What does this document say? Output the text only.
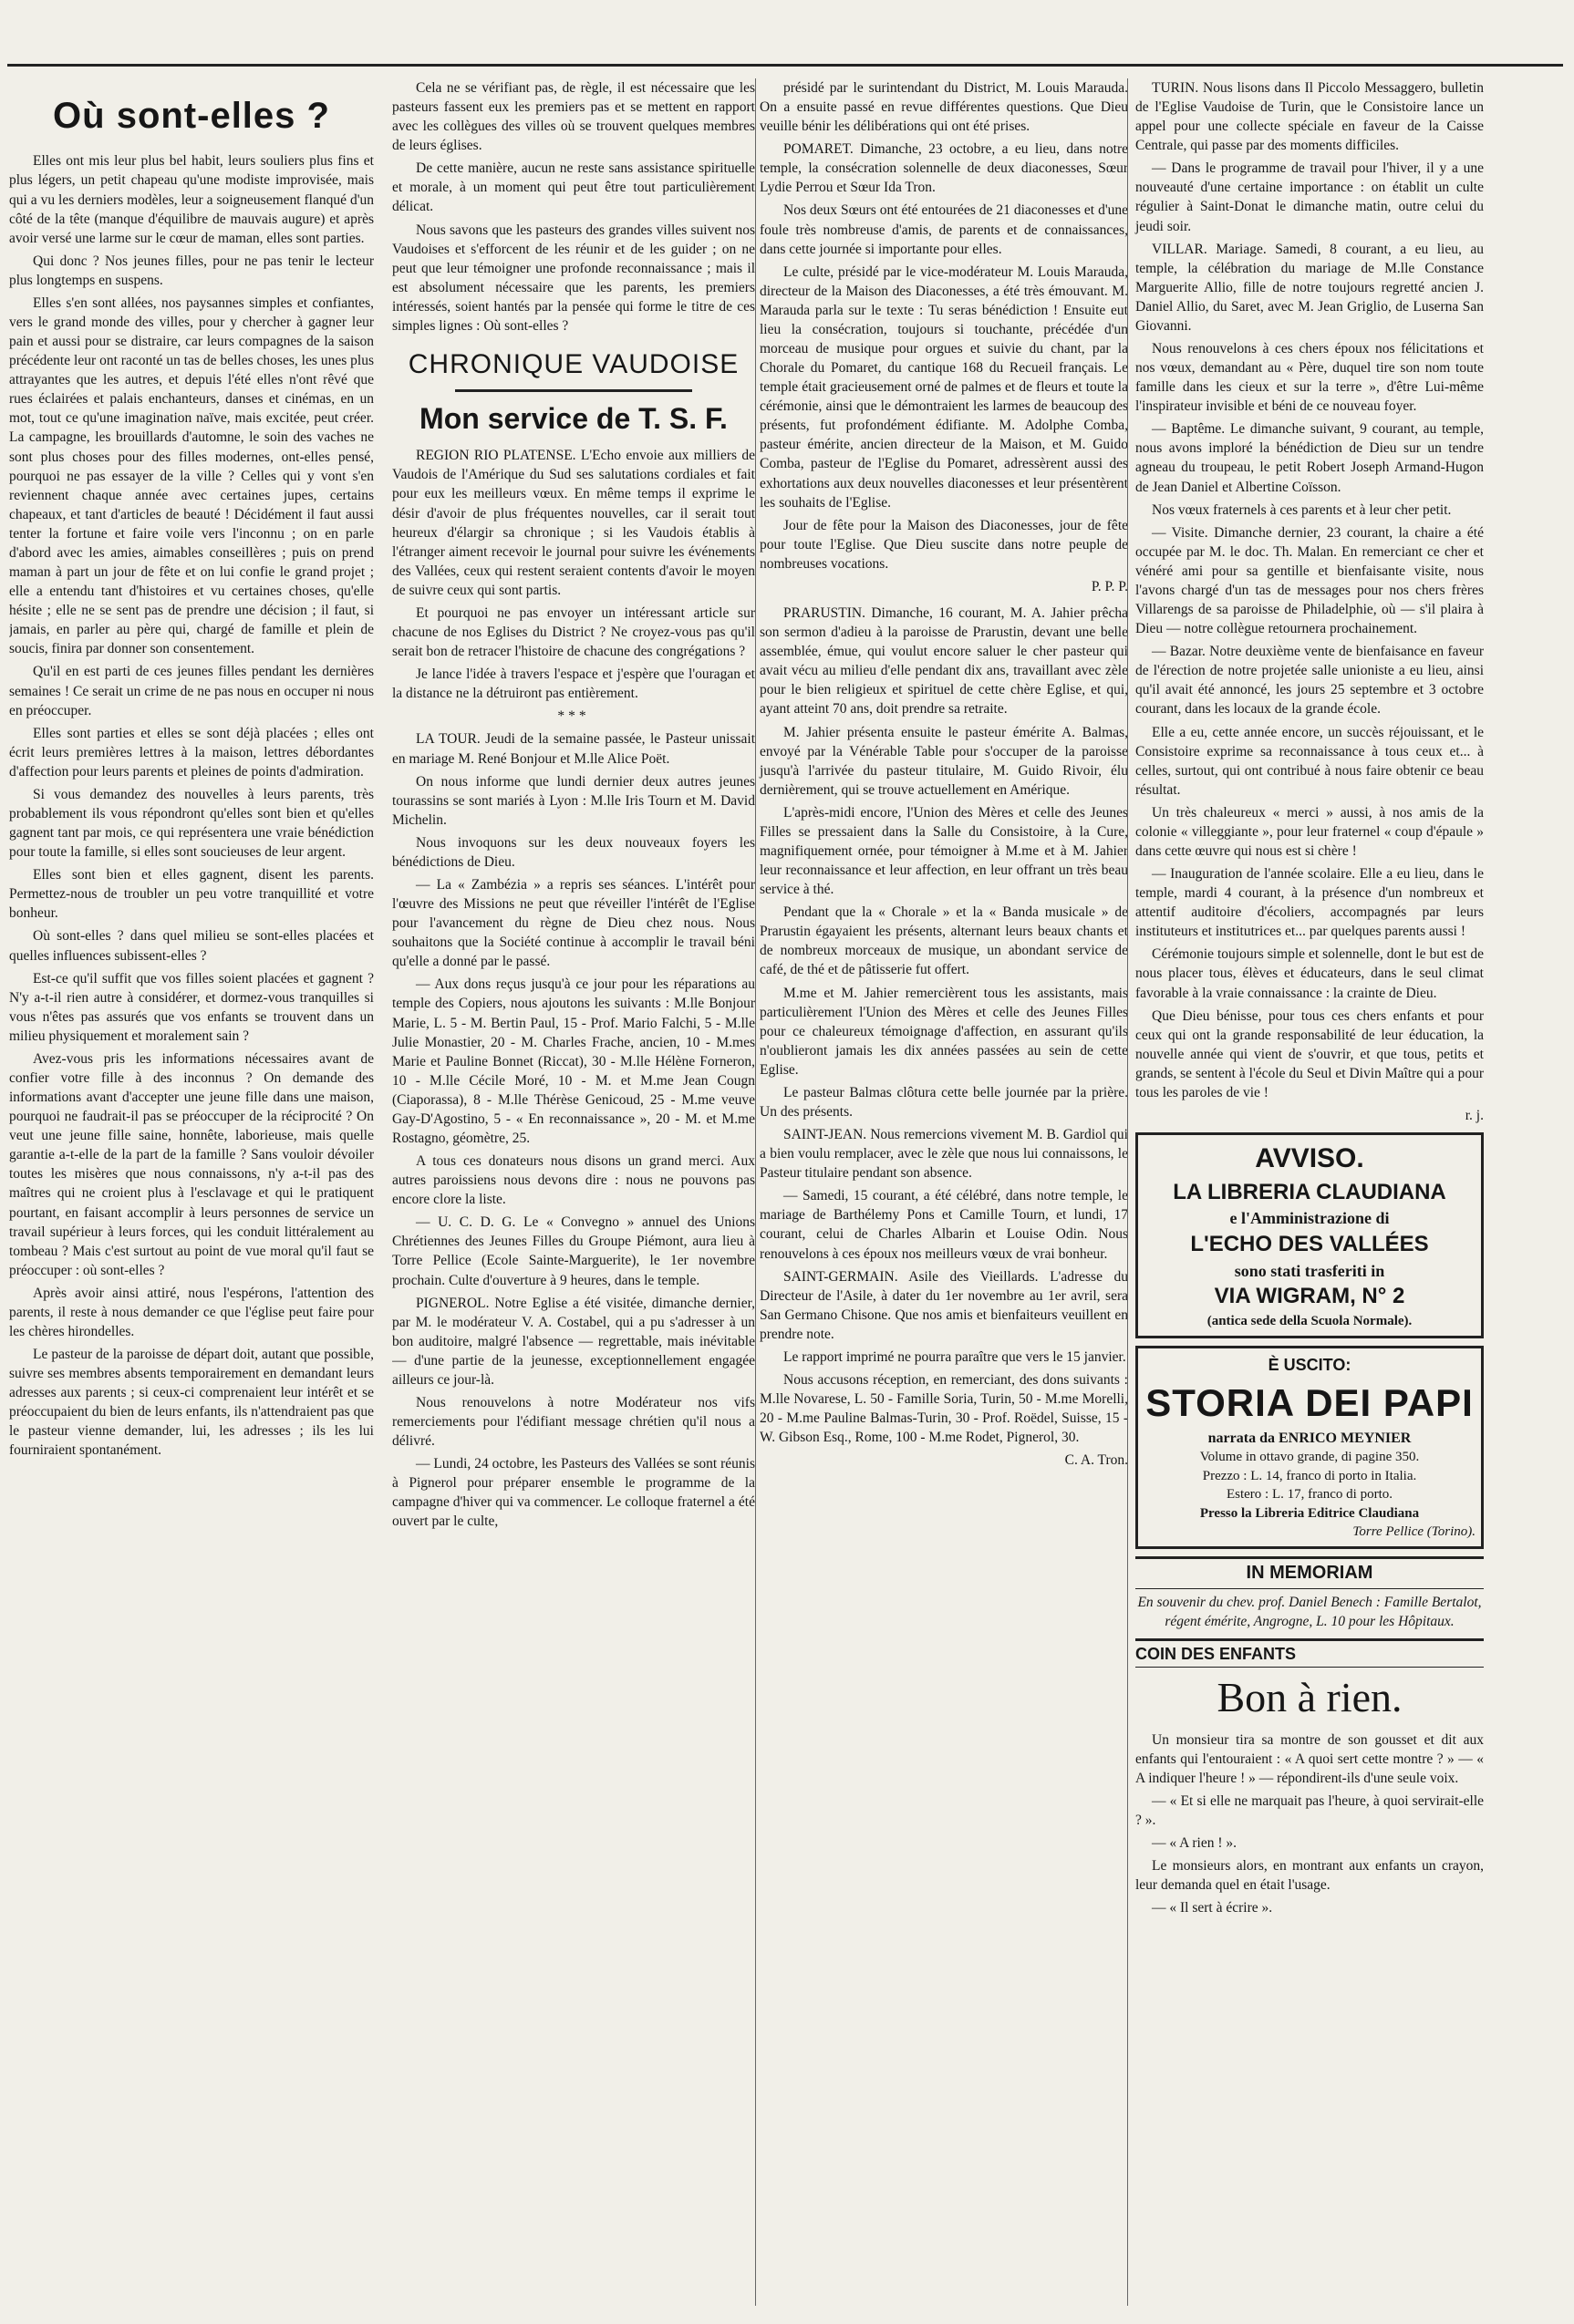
Où sont-elles ?

Elles ont mis leur plus bel habit, leurs souliers plus fins et plus légers, un petit chapeau qu'une modiste improvisée, mais qui a vu les derniers modèles, leur a soigneusement flanqué d'un côté de la tête (manque d'équilibre de mauvais augure) et après avoir versé une larme sur le cœur de maman, elles sont parties.

Qui donc ? Nos jeunes filles, pour ne pas tenir le lecteur plus longtemps en suspens.

Elles s'en sont allées, nos paysannes simples et confiantes, vers le grand monde des villes, pour y chercher à gagner leur pain et aussi pour se distraire, car leurs compagnes de la saison précédente leur ont raconté un tas de belles choses, les unes plus attrayantes que les autres, et depuis l'été elles n'ont rêvé que rues éclairées et palais enchanteurs, danses et cinémas, en un mot, tout ce qu'une imagination naïve, mais excitée, peut créer. La campagne, les brouillards d'automne, le soin des vaches ne sont plus choses pour des filles modernes, ont-elles pensé, pourquoi ne pas essayer de la ville ? Celles qui y vont s'en reviennent chaque année avec certaines jupes, certains chapeaux, et tant d'articles de beauté ! Décidément il faut aussi tenter la fortune et faire voile vers l'inconnu ; on en parle d'abord avec les amies, aimables conseillères ; puis on prend maman à part un jour de fête et on lui confie le grand projet ; elle a entendu tant d'histoires et vu certaines choses, qu'elle hésite ; elle ne se sent pas de prendre une décision ; il faut, si jamais, en parler au père qui, chargé de famille et plein de soucis, finira par donner son consentement.

Qu'il en est parti de ces jeunes filles pendant les dernières semaines ! Ce serait un crime de ne pas nous en occuper ni nous en préoccuper.

Elles sont parties et elles se sont déjà placées ; elles ont écrit leurs premières lettres à la maison, lettres débordantes d'affection pour leurs parents et pleines de points d'admiration.

Si vous demandez des nouvelles à leurs parents, très probablement ils vous répondront qu'elles sont bien et qu'elles gagnent tant par mois, ce qui représentera une vraie bénédiction pour toute la famille, si elles sont soucieuses de leur argent.

Elles sont bien et elles gagnent, disent les parents. Permettez-nous de troubler un peu votre tranquillité et votre bonheur.

Où sont-elles ? dans quel milieu se sont-elles placées et quelles influences subissent-elles ?

Est-ce qu'il suffit que vos filles soient placées et gagnent ? N'y a-t-il rien autre à considérer, et dormez-vous tranquilles si vous n'êtes pas assurés que vos enfants se trouvent dans un milieu physiquement et moralement sain ?

Avez-vous pris les informations nécessaires avant de confier votre fille à des inconnus ? On demande des informations avant d'accepter une jeune fille dans une maison, pourquoi ne faudrait-il pas se préoccuper de la réciprocité ? On veut une jeune fille saine, honnête, laborieuse, mais quelle garantie a-t-elle de la part de la famille ? Sans vouloir dévoiler toutes les misères que nous connaissons, n'y a-t-il pas des maîtres qui ne croient plus à l'esclavage et qui le pratiquent pourtant, en faisant accomplir à leurs personnes de service un travail supérieur à leurs forces, qui les conduit littéralement au tombeau ? Mais c'est surtout au point de vue moral qu'il faut se préoccuper : où sont-elles ?

Après avoir ainsi attiré, nous l'espérons, l'attention des parents, il reste à nous demander ce que l'église peut faire pour les chères hirondelles.

Le pasteur de la paroisse de départ doit, autant que possible, suivre ses membres absents temporairement en demandant leurs adresses aux parents ; si ceux-ci comprenaient leur intérêt et se préoccupaient du bien de leurs enfants, ils n'attendraient pas que le pasteur vienne demander, lui, les adresses ; ils les lui fourniraient spontanément.

Cela ne se vérifiant pas, de règle, il est nécessaire que les pasteurs fassent eux les premiers pas et se mettent en rapport avec les collègues des villes où se trouvent quelques membres de leurs églises.

De cette manière, aucun ne reste sans assistance spirituelle et morale, à un moment qui peut être tout particulièrement délicat.

Nous savons que les pasteurs des grandes villes suivent nos Vaudoises et s'efforcent de les réunir et de les guider ; on ne peut que leur témoigner une profonde reconnaissance ; mais il est absolument nécessaire que les parents, les premiers intéressés, soient hantés par la pensée qui forme le titre de ces simples lignes : Où sont-elles ?

CHRONIQUE VAUDOISE
Mon service de T. S. F.

REGION RIO PLATENSE. L'Echo envoie aux milliers de Vaudois de l'Amérique du Sud ses salutations cordiales et fait pour eux les meilleurs vœux. En même temps il exprime le désir d'avoir de plus fréquentes nouvelles, car il serait tout heureux d'élargir sa chronique ; si les Vaudois établis à l'étranger aiment recevoir le journal pour suivre les événements des Vallées, ceux qui restent seraient contents d'avoir le moyen de suivre ceux qui sont partis.

Et pourquoi ne pas envoyer un intéressant article sur chacune de nos Eglises du District ? Ne croyez-vous pas qu'il serait bon de retracer l'histoire de chacune des congrégations ?

Je lance l'idée à travers l'espace et j'espère que l'ouragan et la distance ne la détruiront pas entièrement.

***

LA TOUR. Jeudi de la semaine passée, le Pasteur unissait en mariage M. René Bonjour et M.lle Alice Poët.

On nous informe que lundi dernier deux autres jeunes tourassins se sont mariés à Lyon : M.lle Iris Tourn et M. David Michelin.

Nous invoquons sur les deux nouveaux foyers les bénédictions de Dieu.

— La « Zambézia » a repris ses séances. L'intérêt pour l'œuvre des Missions ne peut que réveiller l'intérêt de l'Eglise pour l'avancement du règne de Dieu chez nous. Nous souhaitons que la Société continue à accomplir le travail béni qu'elle a donné par le passé.

— Aux dons reçus jusqu'à ce jour pour les réparations au temple des Copiers, nous ajoutons les suivants : M.lle Bonjour Marie, L. 5 - M. Bertin Paul, 15 - Prof. Mario Falchi, 5 - M.lle Julie Monastier, 20 - M. Charles Frache, ancien, 10 - M.mes Marie et Pauline Bonnet (Riccat), 30 - M.lle Hélène Forneron, 10 - M.lle Cécile Moré, 10 - M. et M.me Jean Cougn (Ciaporassa), 8 - M.lle Thérèse Genicoud, 25 - M.me veuve Gay-D'Agostino, 5 - « En reconnaissance », 20 - M. et M.me Rostagno, géomètre, 25.

A tous ces donateurs nous disons un grand merci. Aux autres paroissiens nous devons dire : nous ne pouvons pas encore clore la liste.

— U. C. D. G. Le « Convegno » annuel des Unions Chrétiennes des Jeunes Filles du Groupe Piémont, aura lieu à Torre Pellice (Ecole Sainte-Marguerite), le 1er novembre prochain. Culte d'ouverture à 9 heures, dans le temple.

PIGNEROL. Notre Eglise a été visitée, dimanche dernier, par M. le modérateur V. A. Costabel, qui a pu s'adresser à un bon auditoire, malgré l'absence — regrettable, mais inévitable — d'une partie de la jeunesse, exceptionnellement engagée ailleurs ce jour-là.

Nous renouvelons à notre Modérateur nos vifs remerciements pour l'édifiant message chrétien qu'il nous a délivré.

— Lundi, 24 octobre, les Pasteurs des Vallées se sont réunis à Pignerol pour préparer ensemble le programme de la campagne d'hiver qui va commencer. Le colloque fraternel a été ouvert par le culte,

présidé par le surintendant du District, M. Louis Marauda. On a ensuite passé en revue différentes questions. Que Dieu veuille bénir les délibérations qui ont été prises.

POMARET. Dimanche, 23 octobre, a eu lieu, dans notre temple, la consécration solennelle de deux diaconesses, Sœur Lydie Perrou et Sœur Ida Tron.

Nos deux Sœurs ont été entourées de 21 diaconesses et d'une foule très nombreuse d'amis, de parents et de connaissances, dans cette journée si importante pour elles.

Le culte, présidé par le vice-modérateur M. Louis Marauda, directeur de la Maison des Diaconesses, a été très émouvant. M. Marauda parla sur le texte : Tu seras bénédiction ! Ensuite eut lieu la consécration, toujours si touchante, précédée d'un morceau de musique pour orgues et suivie du chant, par la Chorale du Pomaret, du cantique 168 du Recueil français. Le temple était gracieusement orné de palmes et de fleurs et toute la cérémonie, ainsi que le démontraient les larmes de beaucoup des présents, fut profondément édifiante. M. Adolphe Comba, pasteur émérite, ancien directeur de la Maison, et M. Guido Comba, pasteur de l'Eglise du Pomaret, adressèrent aussi des exhortations aux deux nouvelles diaconesses et leur présentèrent les souhaits de l'Eglise.

Jour de fête pour la Maison des Diaconesses, jour de fête pour toute l'Eglise. Que Dieu suscite dans notre peuple de nombreuses vocations.

P. P. P.

PRARUSTIN. Dimanche, 16 courant, M. A. Jahier prêcha son sermon d'adieu à la paroisse de Prarustin, devant une belle assemblée, émue, qui voulut encore saluer le cher pasteur qui avait vécu au milieu d'elle pendant dix ans, travaillant avec zèle pour le bien religieux et spirituel de cette chère Eglise, et qui, ayant atteint 70 ans, doit prendre sa retraite.

M. Jahier présenta ensuite le pasteur émérite A. Balmas, envoyé par la Vénérable Table pour s'occuper de la paroisse jusqu'à l'arrivée du pasteur titulaire, M. Guido Rivoir, élu dernièrement, qui se trouve actuellement en Amérique.

L'après-midi encore, l'Union des Mères et celle des Jeunes Filles se pressaient dans la Salle du Consistoire, à la Cure, magnifiquement ornée, pour témoigner à M.me et à M. Jahier leur reconnaissance et leur affection, en leur offrant un très beau service à thé.

Pendant que la « Chorale » et la « Banda musicale » de Prarustin égayaient les présents, alternant leurs beaux chants et de nombreux morceaux de musique, un abondant service de café, de thé et de pâtisserie fut offert.

M.me et M. Jahier remercièrent tous les assistants, mais particulièrement l'Union des Mères et celle des Jeunes Filles pour ce chaleureux témoignage d'affection, en assurant qu'ils n'oublieront jamais les dix années passées au sein de cette Eglise.

Le pasteur Balmas clôtura cette belle journée par la prière. Un des présents.

SAINT-JEAN. Nous remercions vivement M. B. Gardiol qui a bien voulu remplacer, avec le zèle que nous lui connaissons, le Pasteur titulaire pendant son absence.

— Samedi, 15 courant, a été célébré, dans notre temple, le mariage de Barthélemy Pons et Camille Tourn, et lundi, 17 courant, celui de Charles Albarin et Louise Odin. Nous renouvelons à ces époux nos meilleurs vœux de vrai bonheur.

SAINT-GERMAIN. Asile des Vieillards. L'adresse du Directeur de l'Asile, à dater du 1er novembre au 1er avril, sera San Germano Chisone. Que nos amis et bienfaiteurs veuillent en prendre note.

Le rapport imprimé ne pourra paraître que vers le 15 janvier.

Nous accusons réception, en remerciant, des dons suivants : M.lle Novarese, L. 50 - Famille Soria, Turin, 50 - M.me Morelli, 20 - M.me Pauline Balmas-Turin, 30 - Prof. Roëdel, Suisse, 15 - W. Gibson Esq., Rome, 100 - M.me Rodet, Pignerol, 30.

C. A. Tron.

TURIN. Nous lisons dans Il Piccolo Messaggero, bulletin de l'Eglise Vaudoise de Turin, que le Consistoire lance un appel pour une collecte spéciale en faveur de la Caisse Centrale, qui passe par des moments difficiles.

— Dans le programme de travail pour l'hiver, il y a une nouveauté d'une certaine importance : on établit un culte régulier à Saint-Donat le dimanche matin, outre celui du jeudi soir.

VILLAR. Mariage. Samedi, 8 courant, a eu lieu, au temple, la célébration du mariage de M.lle Constance Marguerite Allio, fille de notre toujours regretté ancien J. Daniel Allio, du Saret, avec M. Jean Griglio, de Luserna San Giovanni.

Nous renouvelons à ces chers époux nos félicitations et nos vœux, demandant au « Père, duquel tire son nom toute famille dans les cieux et sur la terre », d'être Lui-même l'inspirateur invisible et béni de ce nouveau foyer.

— Baptême. Le dimanche suivant, 9 courant, au temple, nous avons imploré la bénédiction de Dieu sur un tendre agneau du troupeau, le petit Robert Joseph Armand-Hugon de Jean Daniel et Albertine Coïsson.

Nos vœux fraternels à ces parents et à leur cher petit.

— Visite. Dimanche dernier, 23 courant, la chaire a été occupée par M. le doc. Th. Malan. En remerciant ce cher et vénéré ami pour sa gentille et bienfaisante visite, nous l'avons chargé d'un tas de messages pour nos chers frères Villarengs de sa paroisse de Philadelphie, où — s'il plaira à Dieu — notre collègue retournera prochainement.

— Bazar. Notre deuxième vente de bienfaisance en faveur de l'érection de notre projetée salle unioniste a eu lieu, ainsi qu'il avait été annoncé, les jours 25 septembre et 3 octobre courant, dans les locaux de la grande école.

Elle a eu, cette année encore, un succès réjouissant, et le Consistoire exprime sa reconnaissance à tous ceux et... à celles, surtout, qui ont contribué à nous faire obtenir ce beau résultat.

Un très chaleureux « merci » aussi, à nos amis de la colonie « villeggiante », pour leur fraternel « coup d'épaule » dans cette œuvre qui nous est si chère !

— Inauguration de l'année scolaire. Elle a eu lieu, dans le temple, mardi 4 courant, à la présence d'un nombreux et attentif auditoire d'écoliers, accompagnés par leurs instituteurs et institutrices et... par quelques parents aussi !

Cérémonie toujours simple et solennelle, dont le but est de nous placer tous, élèves et éducateurs, dans le seul climat favorable à la vraie connaissance : la crainte de Dieu.

Que Dieu bénisse, pour tous ces chers enfants et pour ceux qui ont la grande responsabilité de leur éducation, la nouvelle année qui vient de s'ouvrir, et que tous, petits et grands, se sentent à l'école du Seul et Divin Maître qui a pour tous les paroles de vie !

r. j.
AVVISO.
LA LIBRERIA CLAUDIANA
e l'Amministrazione di
L'ECHO DES VALLÉES
sono stati trasferiti in
VIA WIGRAM, N° 2
(antica sede della Scuola Normale).
È USCITO:
STORIA DEI PAPI
narrata da ENRICO MEYNIER
Volume in ottavo grande, di pagine 350.
Prezzo : L. 14, franco di porto in Italia.
Estero : L. 17, franco di porto.
Presso la Libreria Editrice Claudiana
Torre Pellice (Torino).
IN MEMORIAM

En souvenir du chev. prof. Daniel Benech : Famille Bertalot, régent émérite, Angrogne, L. 10 pour les Hôpitaux.

COIN DES ENFANTS
Bon à rien.

Un monsieur tira sa montre de son gousset et dit aux enfants qui l'entouraient : « A quoi sert cette montre ? » — « A indiquer l'heure ! » — répondirent-ils d'une seule voix.

— « Et si elle ne marquait pas l'heure, à quoi servirait-elle ? ».

— « A rien ! ».

Le monsieurs alors, en montrant aux enfants un crayon, leur demanda quel en était l'usage.

— « Il sert à écrire ».
